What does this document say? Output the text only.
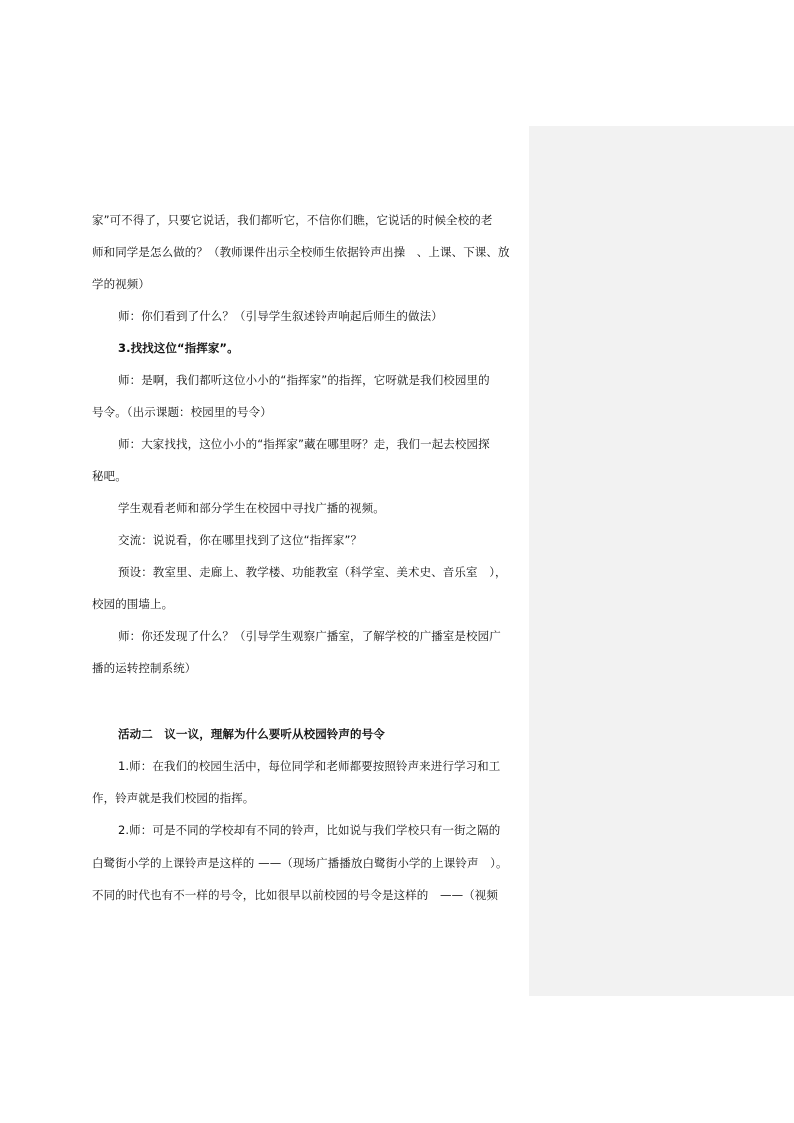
家”可不得了，只要它说话，我们都听它，不信你们瞧，它说话的时候全校的老
师和同学是怎么做的？（教师课件出示全校师生依据铃声出操　、上课、下课、放
学的视频）
师：你们看到了什么？（引导学生叙述铃声响起后师生的做法）
3.找找这位“指挥家”。
师：是啊，我们都听这位小小的“指挥家”的指挥，它呀就是我们校园里的
号令。（出示课题：校园里的号令）
师：大家找找，这位小小的“指挥家”藏在哪里呀？走，我们一起去校园探
秘吧。
学生观看老师和部分学生在校园中寻找广播的视频。
交流：说说看，你在哪里找到了这位“指挥家”？
预设：教室里、走廊上、教学楼、功能教室（科学室、美术史、音乐室　），
校园的围墙上。
师：你还发现了什么？（引导学生观察广播室，了解学校的广播室是校园广
播的运转控制系统）
活动二　议一议，理解为什么要听从校园铃声的号令
1.师：在我们的校园生活中，每位同学和老师都要按照铃声来进行学习和工
作，铃声就是我们校园的指挥。
2.师：可是不同的学校却有不同的铃声，比如说与我们学校只有一街之隔的
白鹭街小学的上课铃声是这样的 ——（现场广播播放白鹭街小学的上课铃声　）。
不同的时代也有不一样的号令，比如很早以前校园的号令是这样的　——（视频
